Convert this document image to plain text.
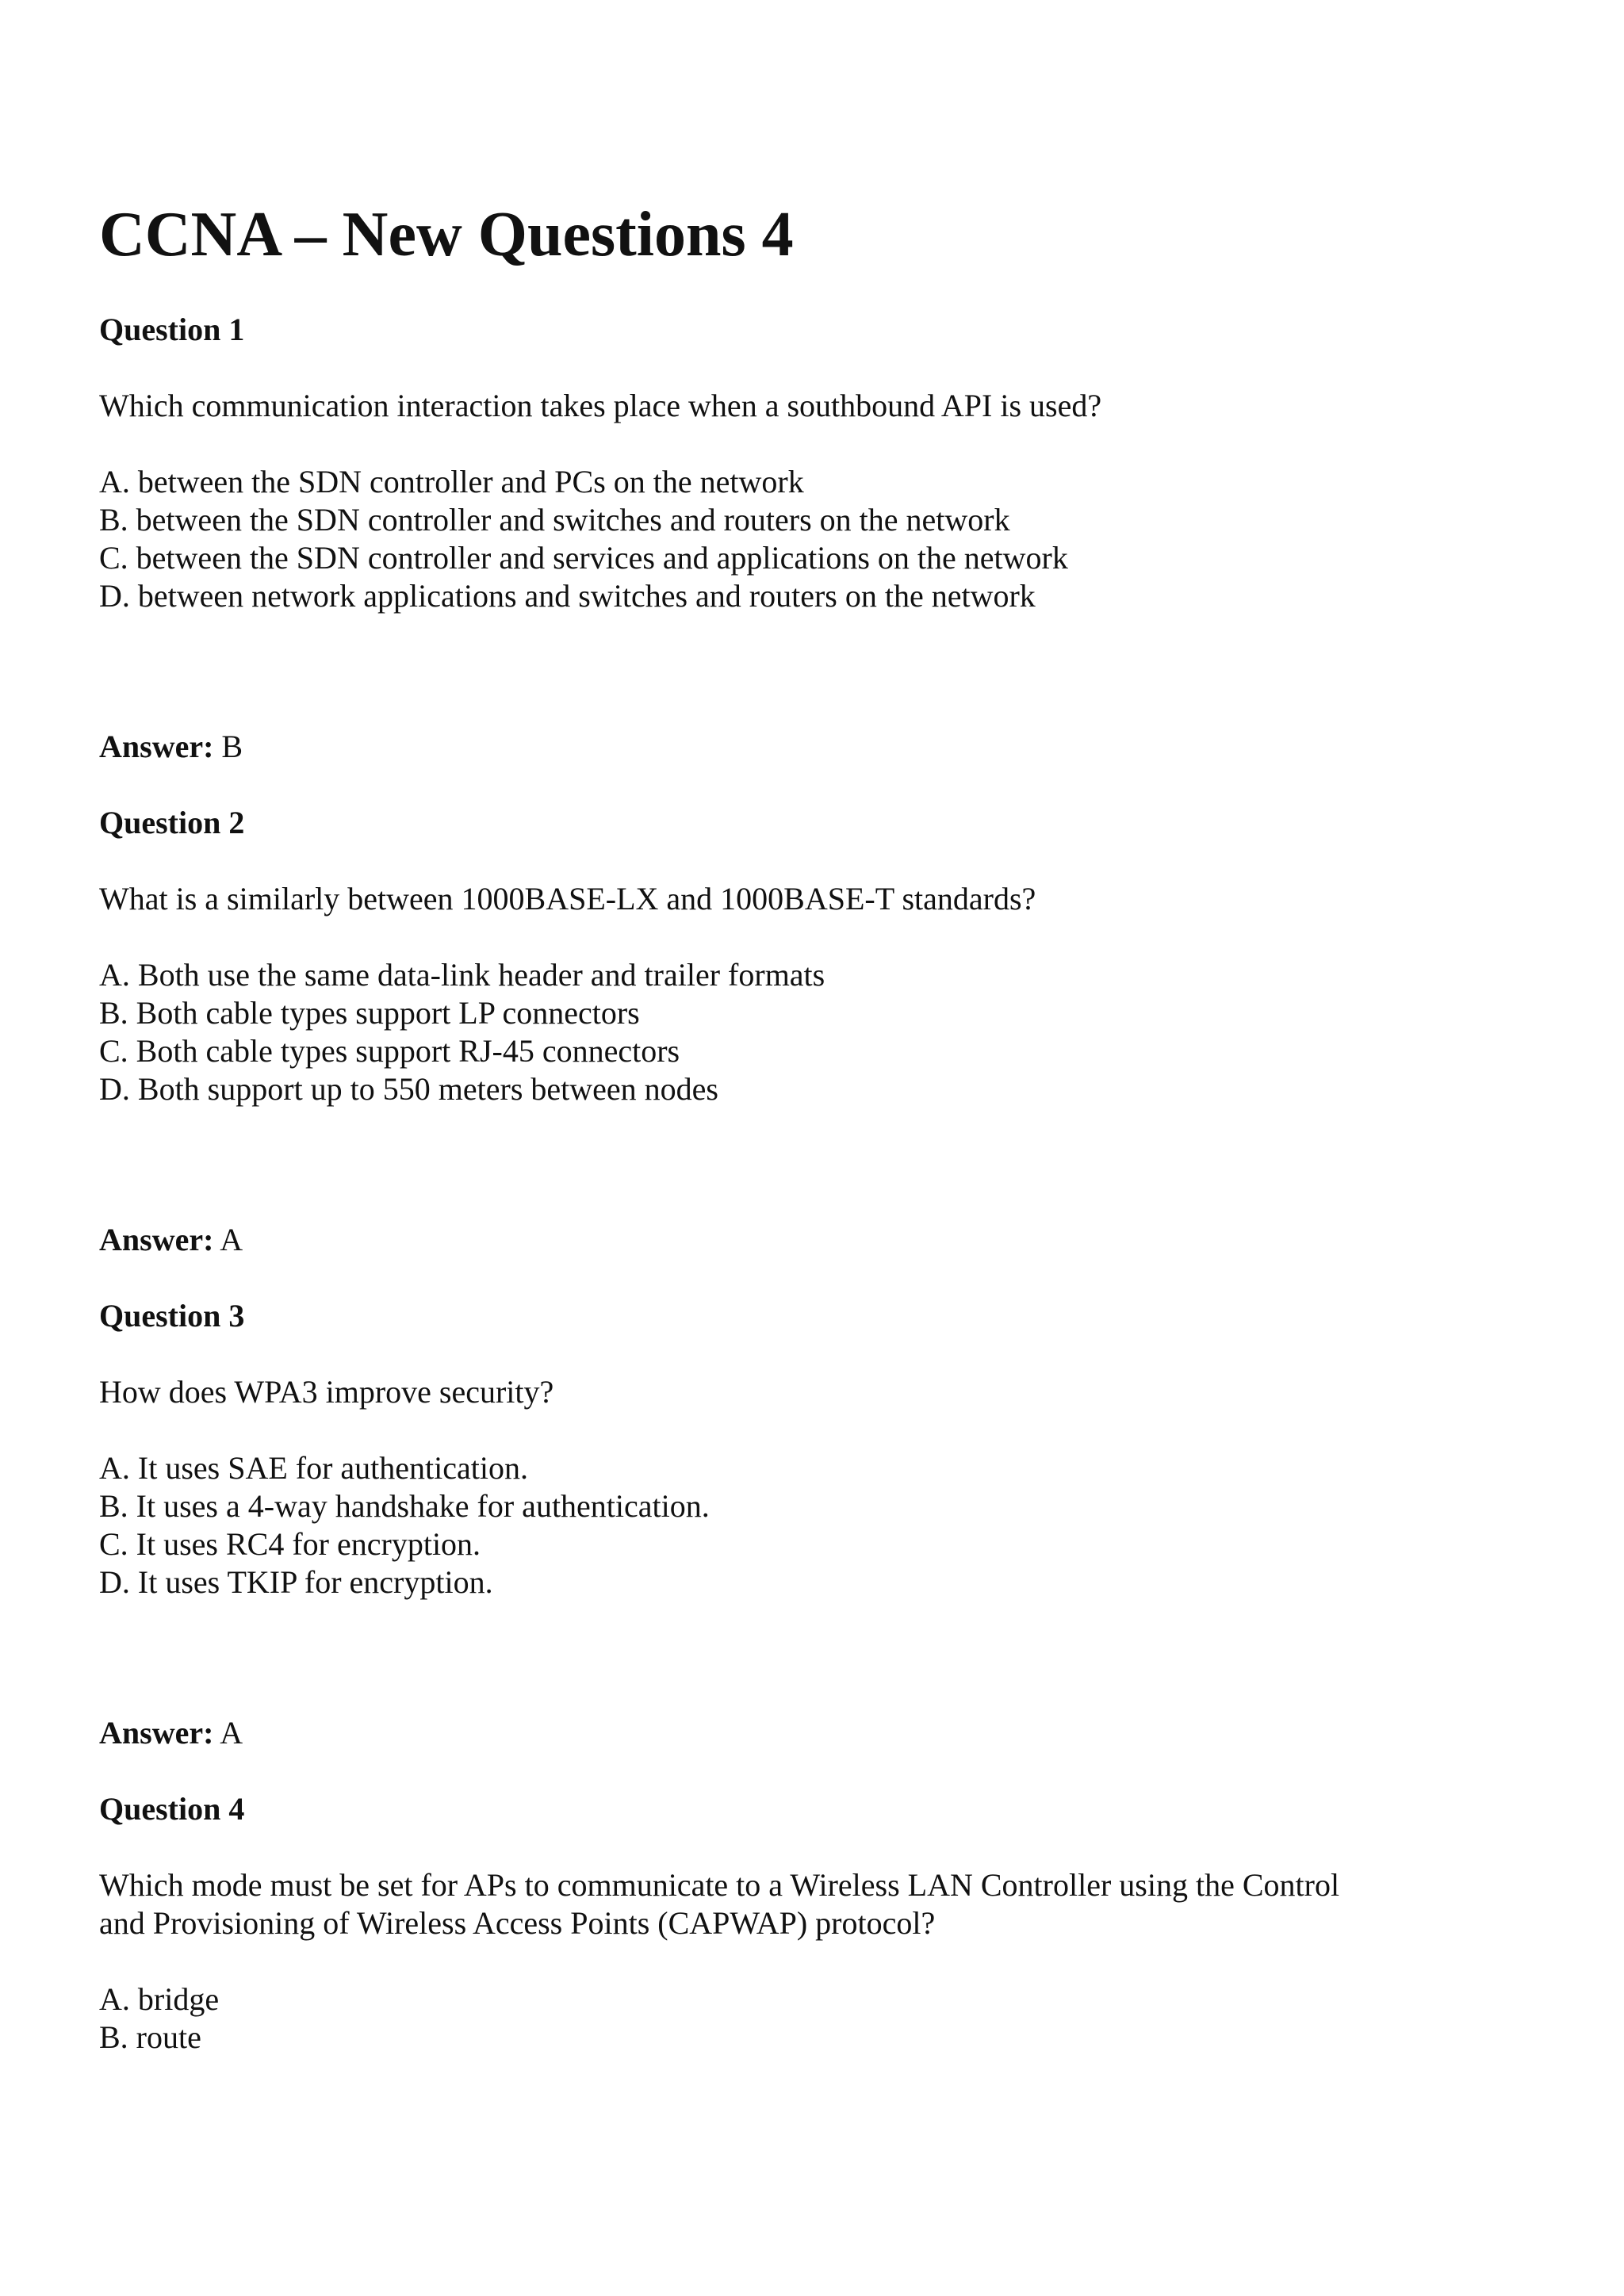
CCNA – New Questions 4
Question 1
Which communication interaction takes place when a southbound API is used?
A. between the SDN controller and PCs on the network
B. between the SDN controller and switches and routers on the network
C. between the SDN controller and services and applications on the network
D. between network applications and switches and routers on the network
Answer: B
Question 2
What is a similarly between 1000BASE-LX and 1000BASE-T standards?
A. Both use the same data-link header and trailer formats
B. Both cable types support LP connectors
C. Both cable types support RJ-45 connectors
D. Both support up to 550 meters between nodes
Answer: A
Question 3
How does WPA3 improve security?
A. It uses SAE for authentication.
B. It uses a 4-way handshake for authentication.
C. It uses RC4 for encryption.
D. It uses TKIP for encryption.
Answer: A
Question 4
Which mode must be set for APs to communicate to a Wireless LAN Controller using the Control
and Provisioning of Wireless Access Points (CAPWAP) protocol?
A. bridge
B. route
